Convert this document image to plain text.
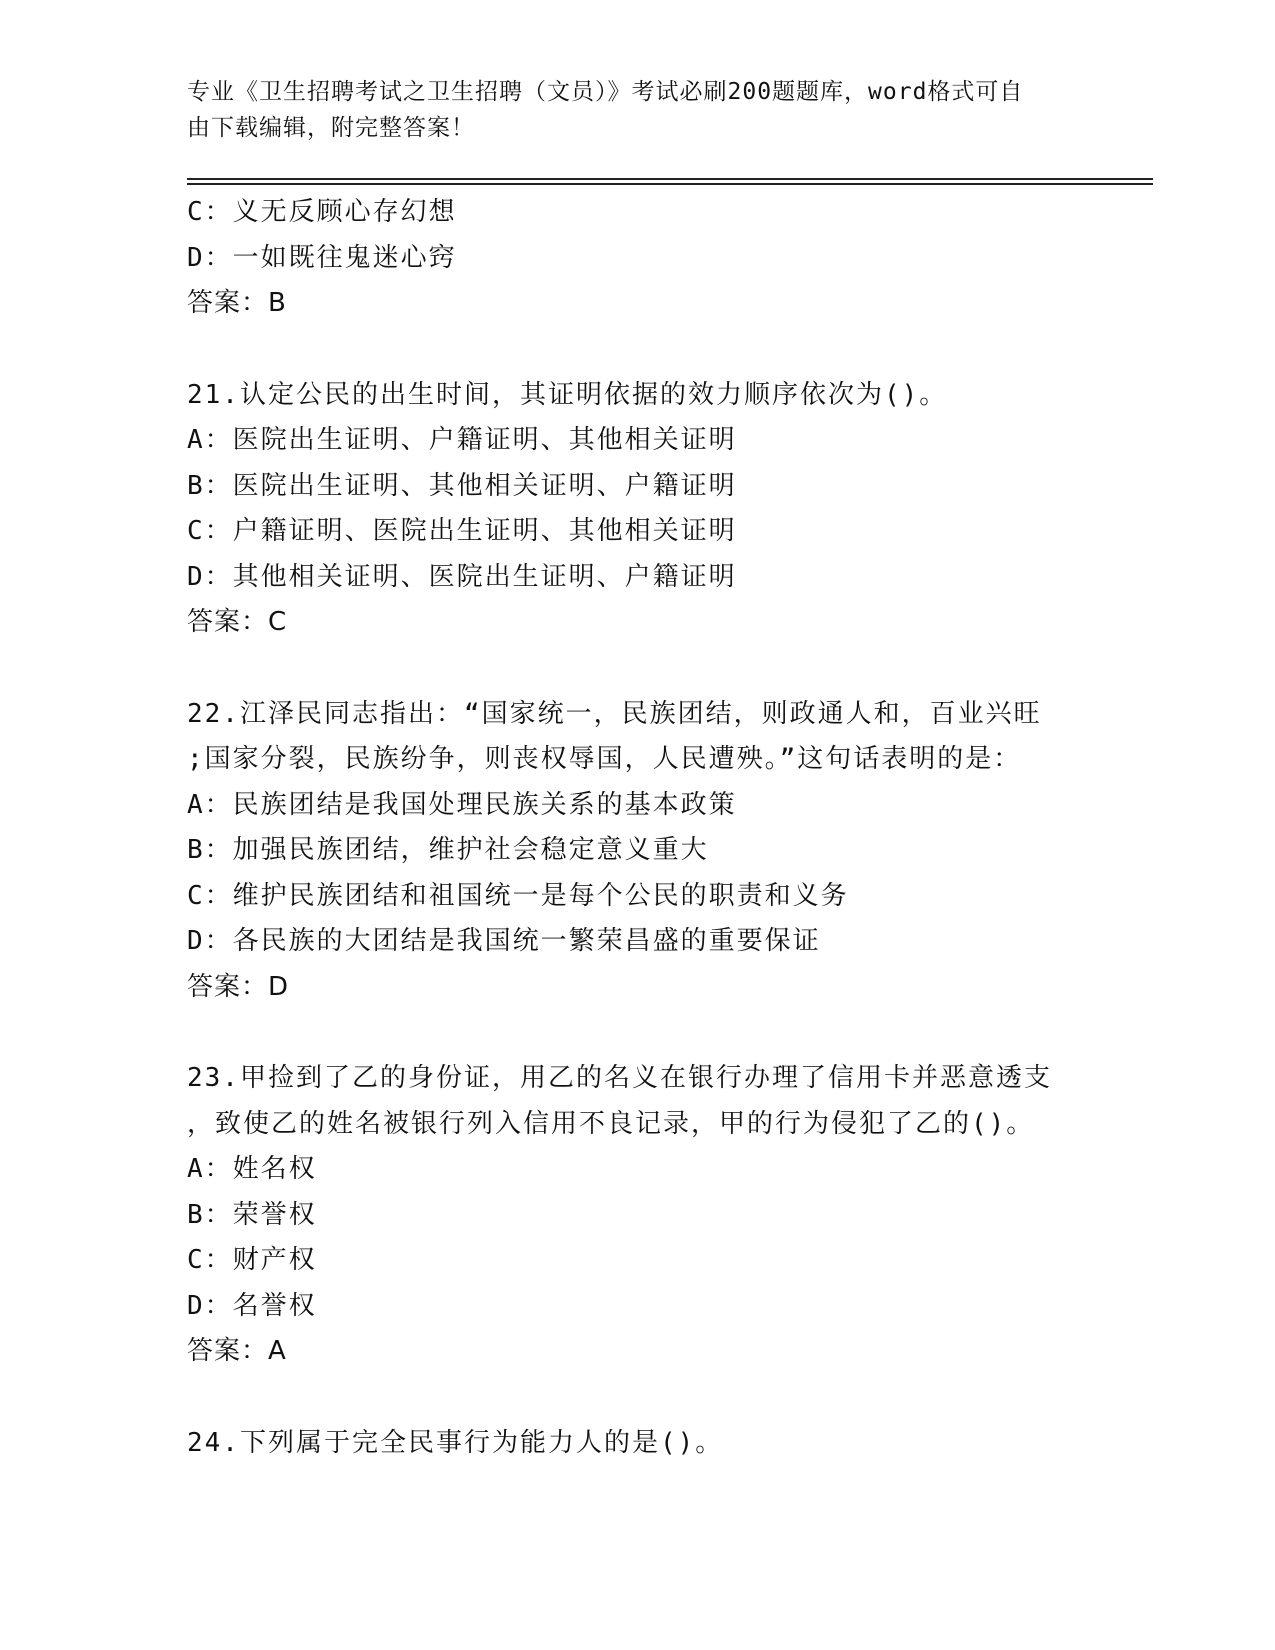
专业《卫生招聘考试之卫生招聘（文员）》考试必刷200题题库，word格式可自
由下载编辑，附完整答案！
C：义无反顾心存幻想
D：一如既往鬼迷心窍
答案：B
21.认定公民的出生时间，其证明依据的效力顺序依次为()。
A：医院出生证明、户籍证明、其他相关证明
B：医院出生证明、其他相关证明、户籍证明
C：户籍证明、医院出生证明、其他相关证明
D：其他相关证明、医院出生证明、户籍证明
答案：C
22.江泽民同志指出：“国家统一，民族团结，则政通人和，百业兴旺
;国家分裂，民族纷争，则丧权辱国，人民遭殃。”这句话表明的是：
A：民族团结是我国处理民族关系的基本政策
B：加强民族团结，维护社会稳定意义重大
C：维护民族团结和祖国统一是每个公民的职责和义务
D：各民族的大团结是我国统一繁荣昌盛的重要保证
答案：D
23.甲捡到了乙的身份证，用乙的名义在银行办理了信用卡并恶意透支
，致使乙的姓名被银行列入信用不良记录，甲的行为侵犯了乙的()。
A：姓名权
B：荣誉权
C：财产权
D：名誉权
答案：A
24.下列属于完全民事行为能力人的是()。
